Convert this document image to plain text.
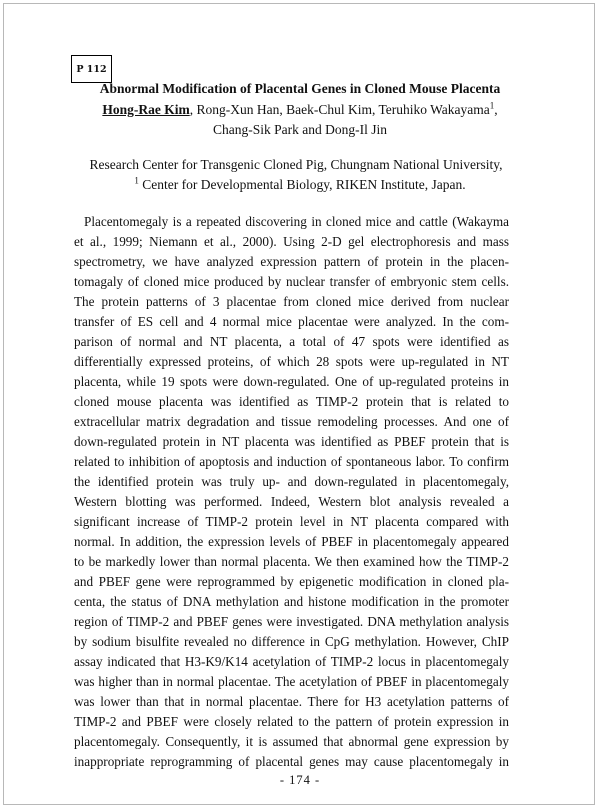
P 112
Abnormal Modification of Placental Genes in Cloned Mouse Placenta
Hong-Rae Kim, Rong-Xun Han, Baek-Chul Kim, Teruhiko Wakayama$^1$,
Chang-Sik Park and Dong-Il Jin
Research Center for Transgenic Cloned Pig, Chungnam National University,
$^1$ Center for Developmental Biology, RIKEN Institute, Japan.
Placentomegaly is a repeated discovering in cloned mice and cattle (Wakayma
et al., 1999; Niemann et al., 2000). Using 2-D gel electrophoresis and mass
spectrometry, we have analyzed expression pattern of protein in the placen-
tomagaly of cloned mice produced by nuclear transfer of embryonic stem cells.
The protein patterns of 3 placentae from cloned mice derived from nuclear
transfer of ES cell and 4 normal mice placentae were analyzed. In the com-
parison of normal and NT placenta, a total of 47 spots were identified as
differentially expressed proteins, of which 28 spots were up-regulated in NT
placenta, while 19 spots were down-regulated. One of up-regulated proteins in
cloned mouse placenta was identified as TIMP-2 protein that is related to
extracellular matrix degradation and tissue remodeling processes. And one of
down-regulated protein in NT placenta was identified as PBEF protein that is
related to inhibition of apoptosis and induction of spontaneous labor. To confirm
the identified protein was truly up- and down-regulated in placentomegaly,
Western blotting was performed. Indeed, Western blot analysis revealed a
significant increase of TIMP-2 protein level in NT placenta compared with
normal. In addition, the expression levels of PBEF in placentomegaly appeared
to be markedly lower than normal placenta. We then examined how the TIMP-2
and PBEF gene were reprogrammed by epigenetic modification in cloned pla-
centa, the status of DNA methylation and histone modification in the promoter
region of TIMP-2 and PBEF genes were investigated. DNA methylation analysis
by sodium bisulfite revealed no difference in CpG methylation. However, ChIP
assay indicated that H3-K9/K14 acetylation of TIMP-2 locus in placentomegaly
was higher than in normal placentae. The acetylation of PBEF in placentomegaly
was lower than that in normal placentae. There for H3 acetylation patterns of
TIMP-2 and PBEF were closely related to the pattern of protein expression in
placentomegaly. Consequently, it is assumed that abnormal gene expression by
inappropriate reprogramming of placental genes may cause placentomegaly in
- 174 -
